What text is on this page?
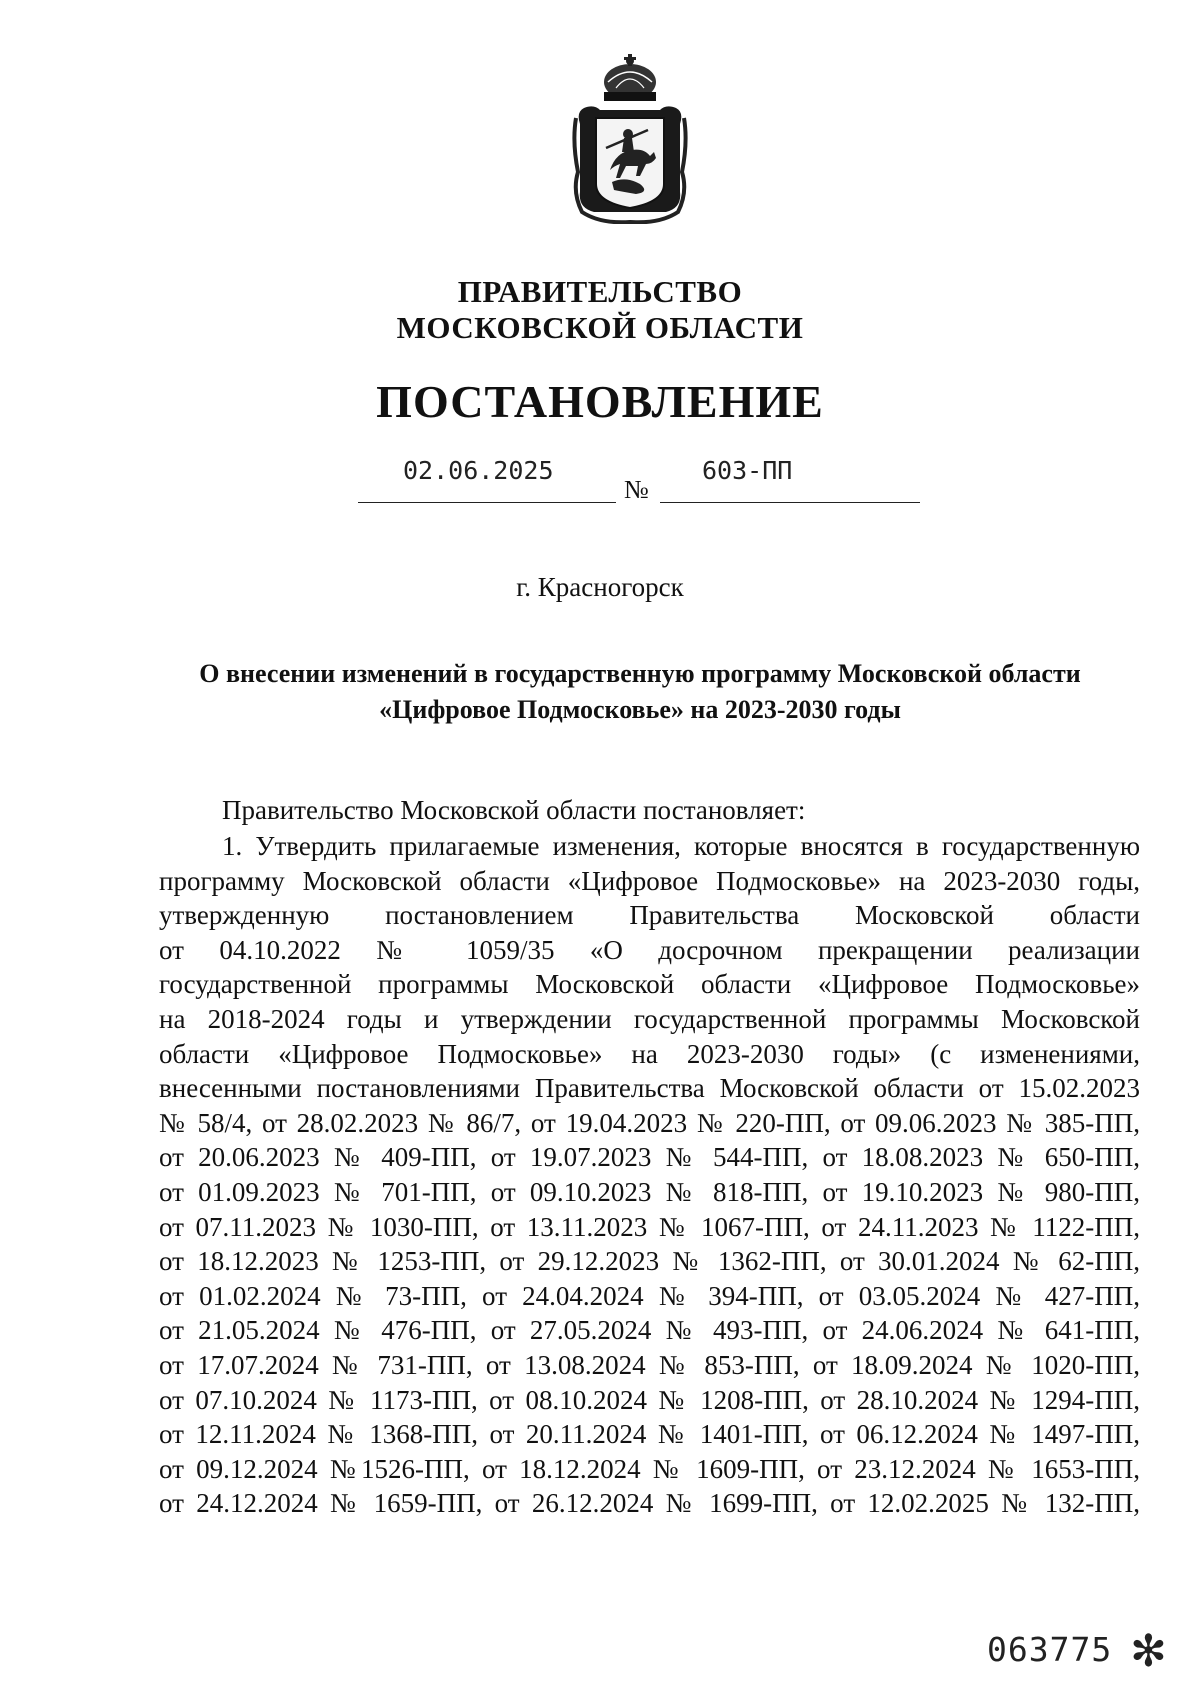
ПРАВИТЕЛЬСТВО
МОСКОВСКОЙ ОБЛАСТИ
ПОСТАНОВЛЕНИЕ
02.06.2025
№
603-ПП
г. Красногорск
О внесении изменений в государственную программу Московской области
«Цифровое Подмосковье» на 2023-2030 годы
Правительство Московской области постановляет:
1. Утвердить прилагаемые изменения, которые вносятся в государственную
программу Московской области «Цифровое Подмосковье» на 2023-2030 годы,
утвержденную постановлением Правительства Московской области
от 04.10.2022 № 1059/35 «О досрочном прекращении реализации
государственной программы Московской области «Цифровое Подмосковье»
на 2018-2024 годы и утверждении государственной программы Московской
области «Цифровое Подмосковье» на 2023-2030 годы» (с изменениями,
внесенными постановлениями Правительства Московской области от 15.02.2023
№ 58/4, от 28.02.2023 № 86/7, от 19.04.2023 № 220-ПП, от 09.06.2023 № 385-ПП,
от 20.06.2023 № 409-ПП, от 19.07.2023 № 544-ПП, от 18.08.2023 № 650-ПП,
от 01.09.2023 № 701-ПП, от 09.10.2023 № 818-ПП, от 19.10.2023 № 980-ПП,
от 07.11.2023 № 1030-ПП, от 13.11.2023 № 1067-ПП, от 24.11.2023 № 1122-ПП,
от 18.12.2023 № 1253-ПП, от 29.12.2023 № 1362-ПП, от 30.01.2024 № 62-ПП,
от 01.02.2024 № 73-ПП, от 24.04.2024 № 394-ПП, от 03.05.2024 № 427-ПП,
от 21.05.2024 № 476-ПП, от 27.05.2024 № 493-ПП, от 24.06.2024 № 641-ПП,
от 17.07.2024 № 731-ПП, от 13.08.2024 № 853-ПП, от 18.09.2024 № 1020-ПП,
от 07.10.2024 № 1173-ПП, от 08.10.2024 № 1208-ПП, от 28.10.2024 № 1294-ПП,
от 12.11.2024 № 1368-ПП, от 20.11.2024 № 1401-ПП, от 06.12.2024 № 1497-ПП,
от 09.12.2024 №1526-ПП, от 18.12.2024 № 1609-ПП, от 23.12.2024 № 1653-ПП,
от 24.12.2024 № 1659-ПП, от 26.12.2024 № 1699-ПП, от 12.02.2025 № 132-ПП,
063775 ✻
